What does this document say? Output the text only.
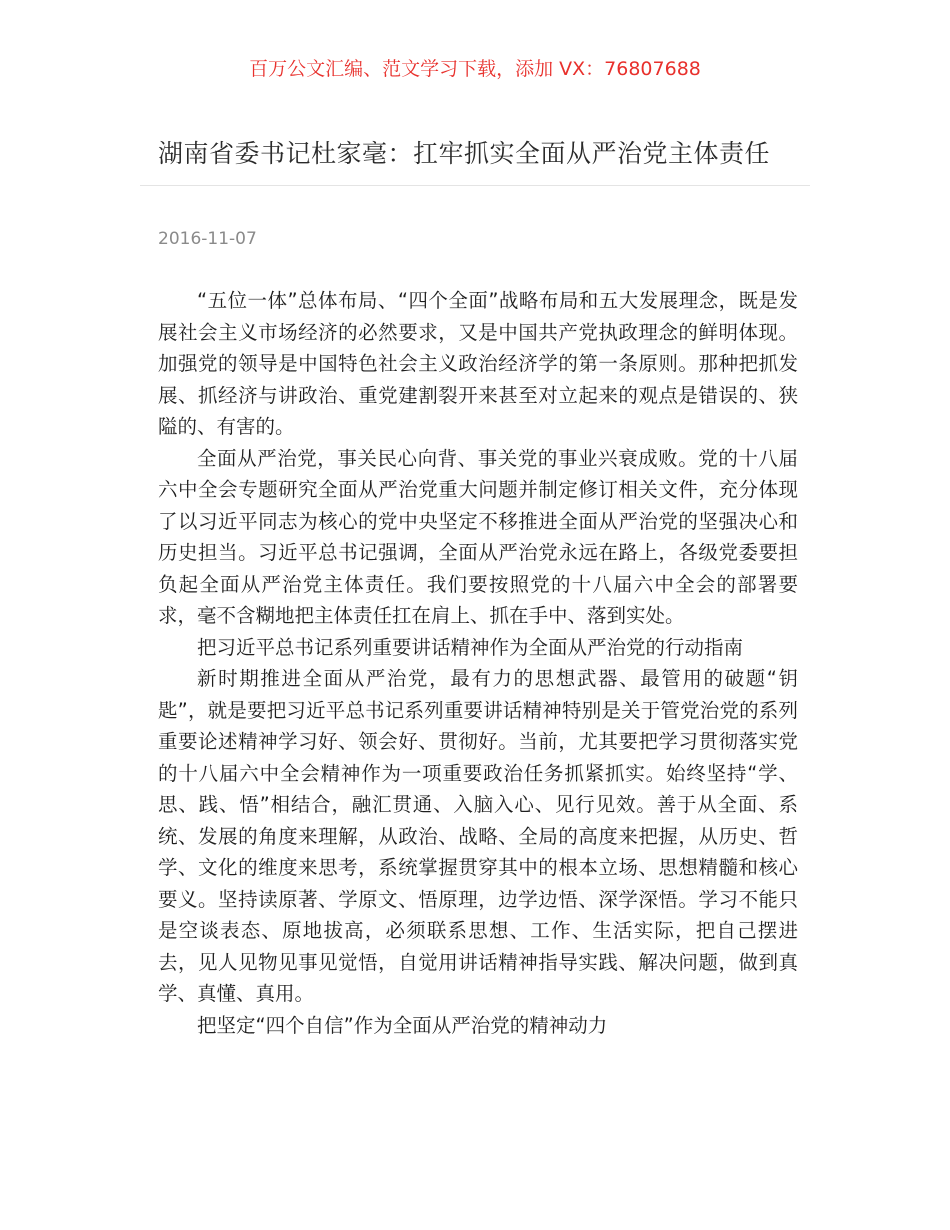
百万公文汇编、范文学习下载，添加 VX：76807688
湖南省委书记杜家毫：扛牢抓实全面从严治党主体责任
2016-11-07

“五位一体”总体布局、“四个全面”战略布局和五大发展理念，既是发展社会主义市场经济的必然要求，又是中国共产党执政理念的鲜明体现。加强党的领导是中国特色社会主义政治经济学的第一条原则。那种把抓发展、抓经济与讲政治、重党建割裂开来甚至对立起来的观点是错误的、狭隘的、有害的。

全面从严治党，事关民心向背、事关党的事业兴衰成败。党的十八届六中全会专题研究全面从严治党重大问题并制定修订相关文件，充分体现了以习近平同志为核心的党中央坚定不移推进全面从严治党的坚强决心和历史担当。习近平总书记强调，全面从严治党永远在路上，各级党委要担负起全面从严治党主体责任。我们要按照党的十八届六中全会的部署要求，毫不含糊地把主体责任扛在肩上、抓在手中、落到实处。

把习近平总书记系列重要讲话精神作为全面从严治党的行动指南

新时期推进全面从严治党，最有力的思想武器、最管用的破题“钥匙”，就是要把习近平总书记系列重要讲话精神特别是关于管党治党的系列重要论述精神学习好、领会好、贯彻好。当前，尤其要把学习贯彻落实党的十八届六中全会精神作为一项重要政治任务抓紧抓实。始终坚持“学、思、践、悟”相结合，融汇贯通、入脑入心、见行见效。善于从全面、系统、发展的角度来理解，从政治、战略、全局的高度来把握，从历史、哲学、文化的维度来思考，系统掌握贯穿其中的根本立场、思想精髓和核心要义。坚持读原著、学原文、悟原理，边学边悟、深学深悟。学习不能只是空谈表态、原地拔高，必须联系思想、工作、生活实际，把自己摆进去，见人见物见事见觉悟，自觉用讲话精神指导实践、解决问题，做到真学、真懂、真用。

把坚定“四个自信”作为全面从严治党的精神动力
